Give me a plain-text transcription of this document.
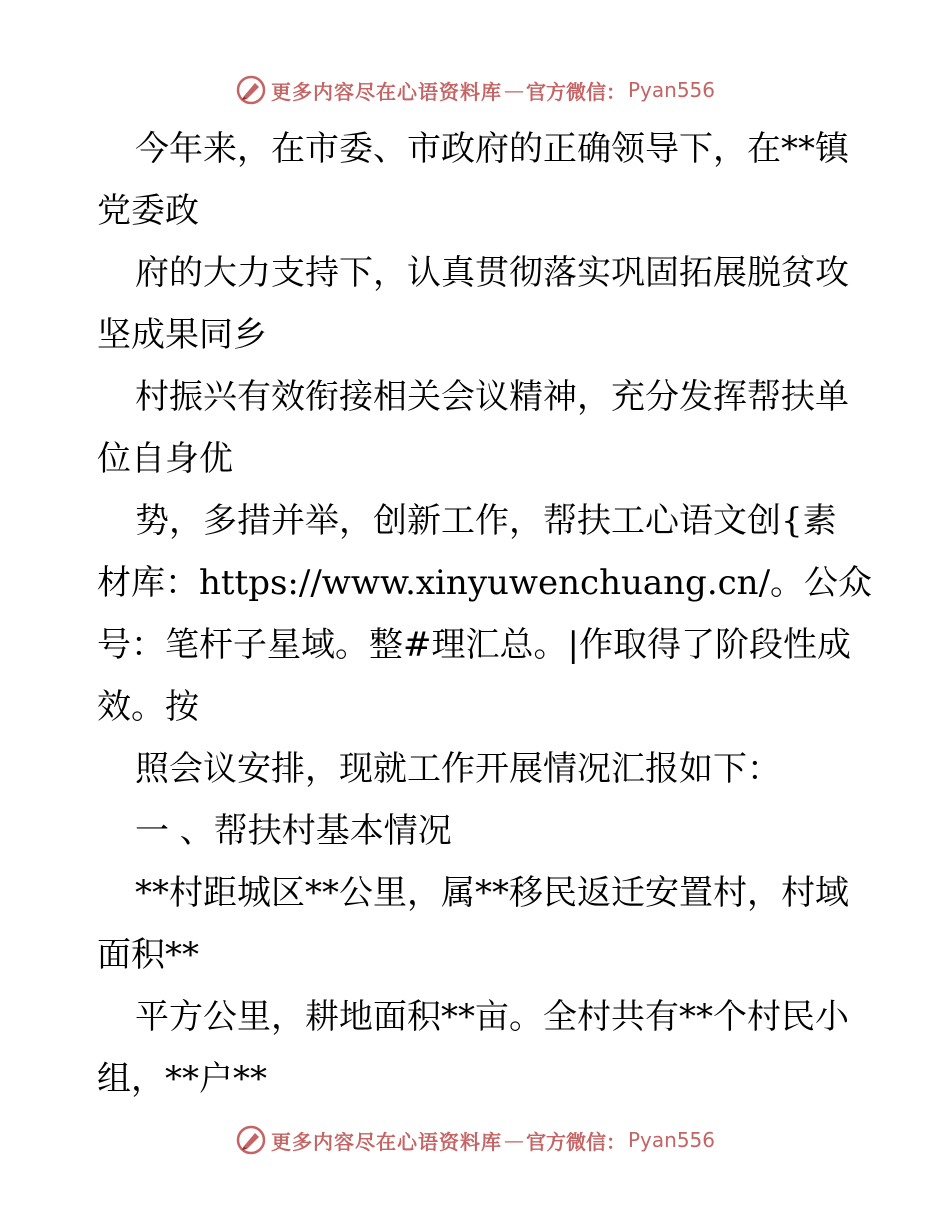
更多内容尽在心语资料库 — 官方微信： Pyan556
今年来，在市委、市政府的正确领导下，在**镇
党委政
府的大力支持下，认真贯彻落实巩固拓展脱贫攻
坚成果同乡
村振兴有效衔接相关会议精神，充分发挥帮扶单
位自身优
势，多措并举，创新工作，帮扶工心语文创{素
材库：https://www.xinyuwenchuang.cn/。公众
号：笔杆子星域。整#理汇总。|作取得了阶段性成
效。按
照会议安排，现就工作开展情况汇报如下：
一 、帮扶村基本情况
**村距城区**公里，属**移民返迁安置村，村域
面积**
平方公里，耕地面积**亩。全村共有**个村民小
组，**户**
更多内容尽在心语资料库 — 官方微信： Pyan556
